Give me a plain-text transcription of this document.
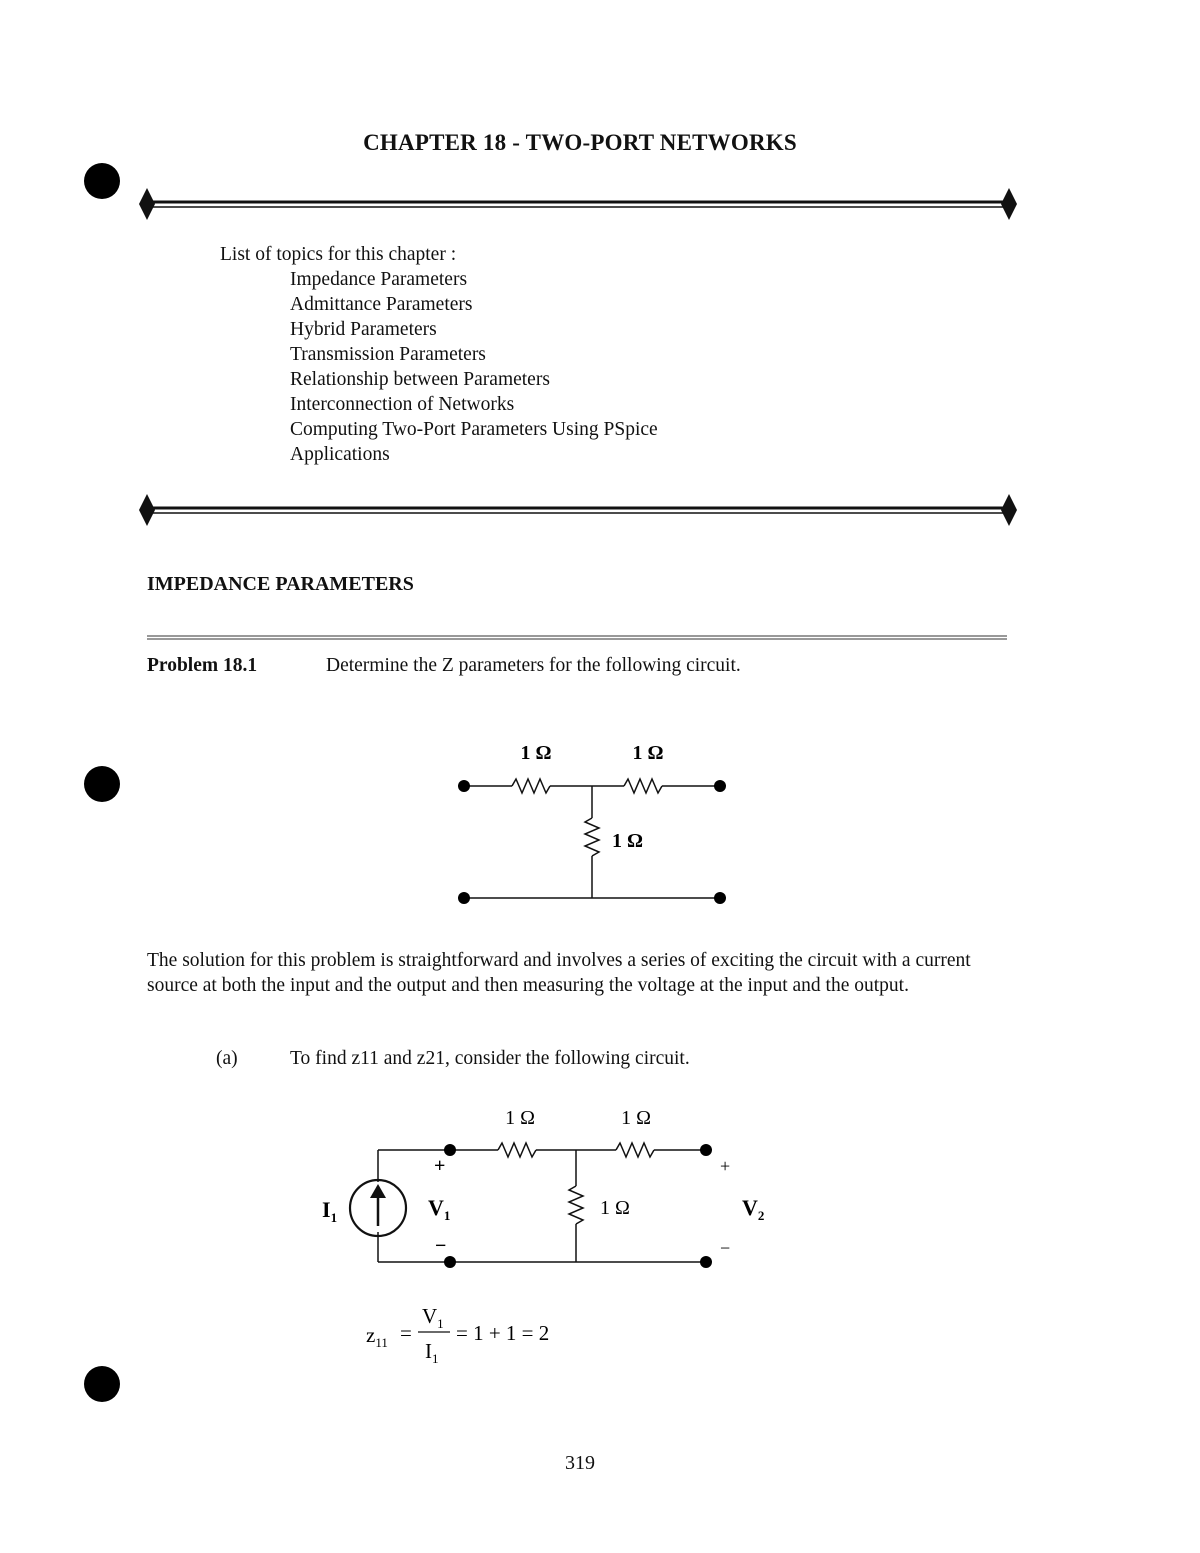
CHAPTER 18 - TWO-PORT NETWORKS
List of topics for this chapter :
Impedance Parameters
Admittance Parameters
Hybrid Parameters
Transmission Parameters
Relationship between Parameters
Interconnection of Networks
Computing Two-Port Parameters Using PSpice
Applications
IMPEDANCE PARAMETERS
Problem 18.1	Determine the Z parameters for the following circuit.
1 Ω	1 Ω
1 Ω
The solution for this problem is straightforward and involves a series of exciting the circuit with a current source at both the input and the output and then measuring the voltage at the input and the output.
(a)	To find z11 and z21, consider the following circuit.
1 Ω	1 Ω
1 Ω
$I_1$	$V_1$	$V_2$
+
−
+
−
$z_{11}$ =
$V_1$
$I_1$
= 1 + 1 = 2
319
